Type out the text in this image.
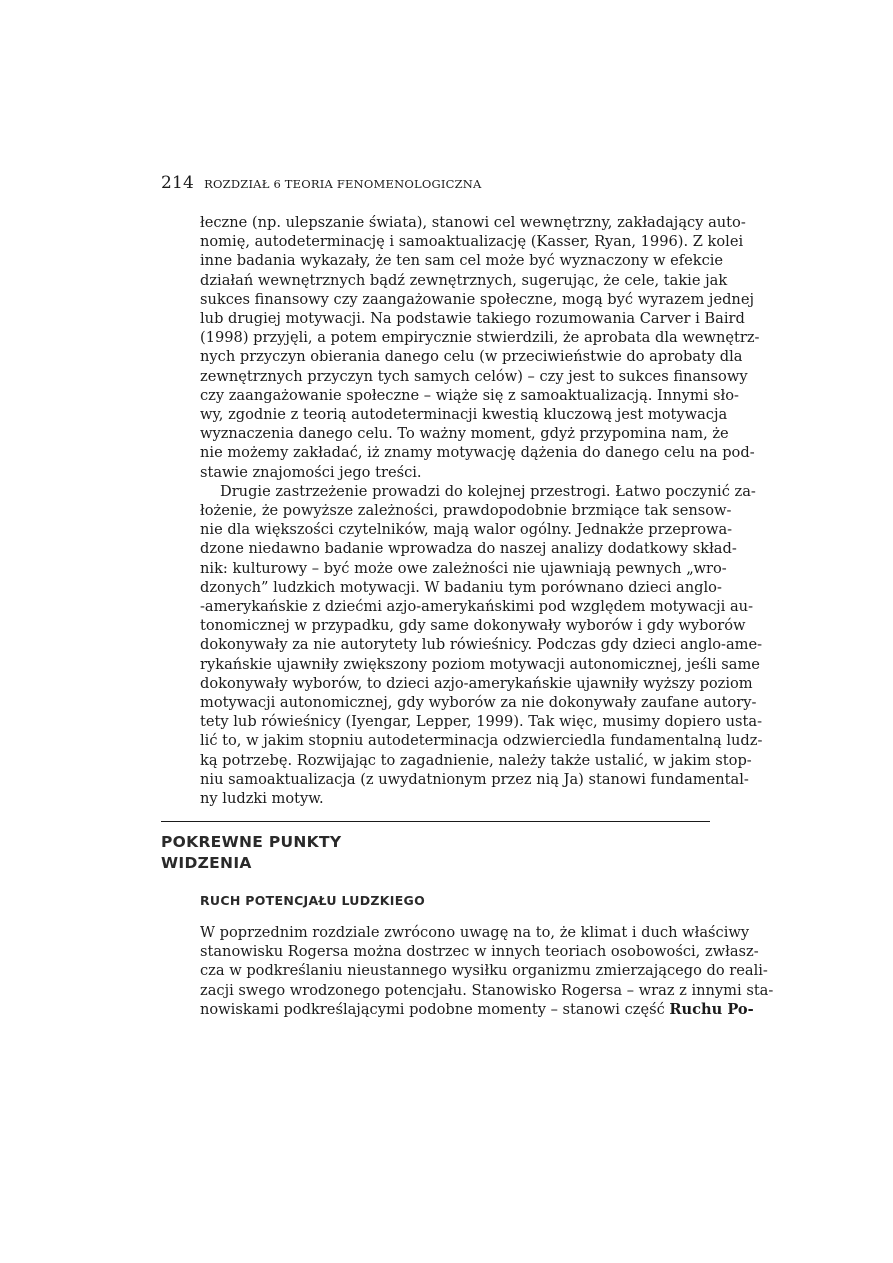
214 ROZDZIAŁ 6 TEORIA FENOMENOLOGICZNA
łeczne (np. ulepszanie świata), stanowi cel wewnętrzny, zakładający auto-
nomię, autodeterminację i samoaktualizację (Kasser, Ryan, 1996). Z kolei
inne badania wykazały, że ten sam cel może być wyznaczony w efekcie
działań wewnętrznych bądź zewnętrznych, sugerując, że cele, takie jak
sukces finansowy czy zaangażowanie społeczne, mogą być wyrazem jednej
lub drugiej motywacji. Na podstawie takiego rozumowania Carver i Baird
(1998) przyjęli, a potem empirycznie stwierdzili, że aprobata dla wewnętrz-
nych przyczyn obierania danego celu (w przeciwieństwie do aprobaty dla
zewnętrznych przyczyn tych samych celów) – czy jest to sukces finansowy
czy zaangażowanie społeczne – wiąże się z samoaktualizacją. Innymi sło-
wy, zgodnie z teorią autodeterminacji kwestią kluczową jest motywacja
wyznaczenia danego celu. To ważny moment, gdyż przypomina nam, że
nie możemy zakładać, iż znamy motywację dążenia do danego celu na pod-
stawie znajomości jego treści.
Drugie zastrzeżenie prowadzi do kolejnej przestrogi. Łatwo poczynić za-
łożenie, że powyższe zależności, prawdopodobnie brzmiące tak sensow-
nie dla większości czytelników, mają walor ogólny. Jednakże przeprowa-
dzone niedawno badanie wprowadza do naszej analizy dodatkowy skład-
nik: kulturowy – być może owe zależności nie ujawniają pewnych „wro-
dzonych” ludzkich motywacji. W badaniu tym porównano dzieci anglo-
-amerykańskie z dziećmi azjo-amerykańskimi pod względem motywacji au-
tonomicznej w przypadku, gdy same dokonywały wyborów i gdy wyborów
dokonywały za nie autorytety lub rówieśnicy. Podczas gdy dzieci anglo-ame-
rykańskie ujawniły zwiększony poziom motywacji autonomicznej, jeśli same
dokonywały wyborów, to dzieci azjo-amerykańskie ujawniły wyższy poziom
motywacji autonomicznej, gdy wyborów za nie dokonywały zaufane autory-
tety lub rówieśnicy (Iyengar, Lepper, 1999). Tak więc, musimy dopiero usta-
lić to, w jakim stopniu autodeterminacja odzwierciedla fundamentalną ludz-
ką potrzebę. Rozwijając to zagadnienie, należy także ustalić, w jakim stop-
niu samoaktualizacja (z uwydatnionym przez nią Ja) stanowi fundamental-
ny ludzki motyw.
POKREWNE PUNKTY
WIDZENIA
RUCH POTENCJAŁU LUDZKIEGO
W poprzednim rozdziale zwrócono uwagę na to, że klimat i duch właściwy
stanowisku Rogersa można dostrzec w innych teoriach osobowości, zwłasz-
cza w podkreślaniu nieustannego wysiłku organizmu zmierzającego do reali-
zacji swego wrodzonego potencjału. Stanowisko Rogersa – wraz z innymi sta-
nowiskami podkreślającymi podobne momenty – stanowi część Ruchu Po-
